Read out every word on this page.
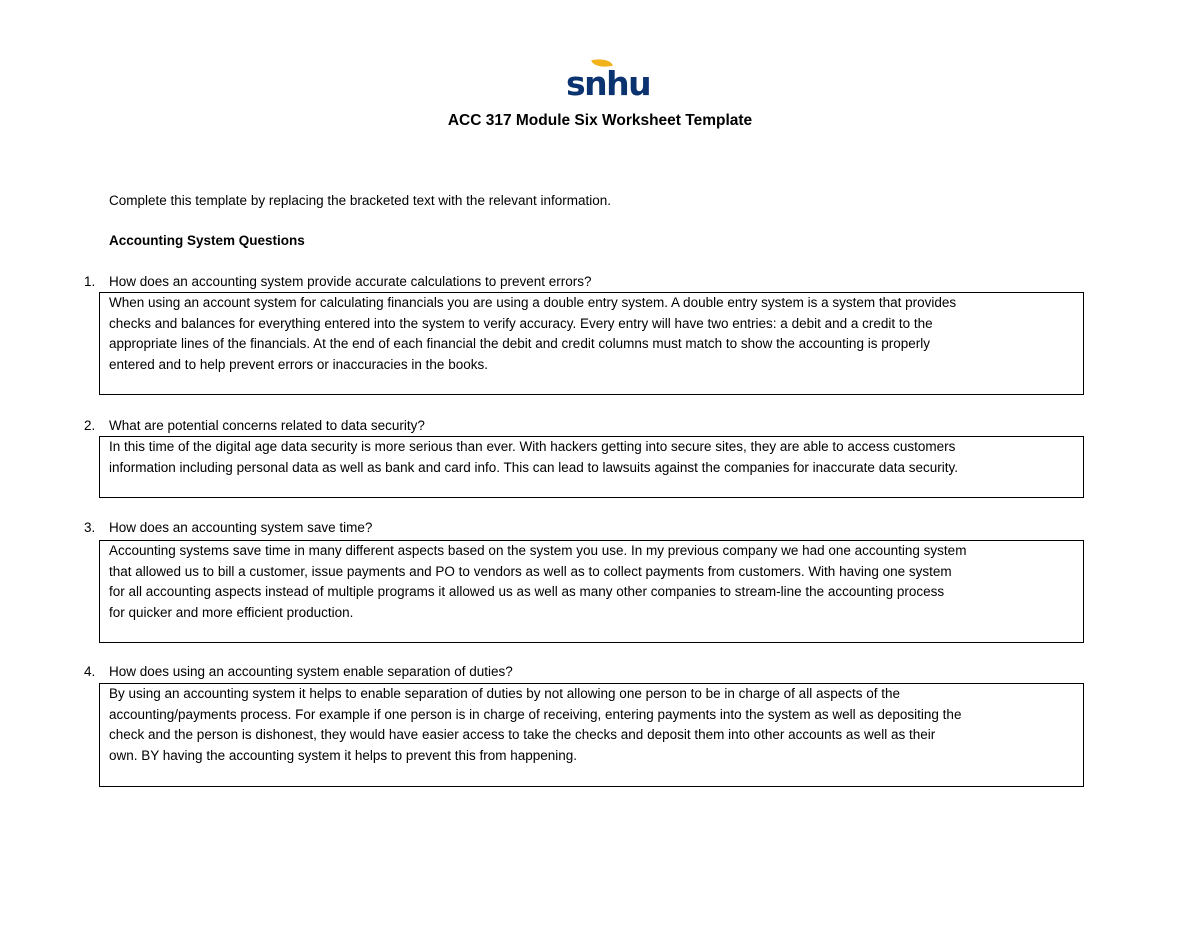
snhu
ACC 317 Module Six Worksheet Template
Complete this template by replacing the bracketed text with the relevant information.
Accounting System Questions
1. How does an accounting system provide accurate calculations to prevent errors?

When using an account system for calculating financials you are using a double entry system. A double entry system is a system that provides
checks and balances for everything entered into the system to verify accuracy. Every entry will have two entries: a debit and a credit to the
appropriate lines of the financials. At the end of each financial the debit and credit columns must match to show the accounting is properly
entered and to help prevent errors or inaccuracies in the books.

2. What are potential concerns related to data security?

In this time of the digital age data security is more serious than ever. With hackers getting into secure sites, they are able to access customers
information including personal data as well as bank and card info. This can lead to lawsuits against the companies for inaccurate data security.

3. How does an accounting system save time?

Accounting systems save time in many different aspects based on the system you use. In my previous company we had one accounting system
that allowed us to bill a customer, issue payments and PO to vendors as well as to collect payments from customers. With having one system
for all accounting aspects instead of multiple programs it allowed us as well as many other companies to stream-line the accounting process
for quicker and more efficient production.

4. How does using an accounting system enable separation of duties?

By using an accounting system it helps to enable separation of duties by not allowing one person to be in charge of all aspects of the
accounting/payments process. For example if one person is in charge of receiving, entering payments into the system as well as depositing the
check and the person is dishonest, they would have easier access to take the checks and deposit them into other accounts as well as their
own. BY having the accounting system it helps to prevent this from happening.
